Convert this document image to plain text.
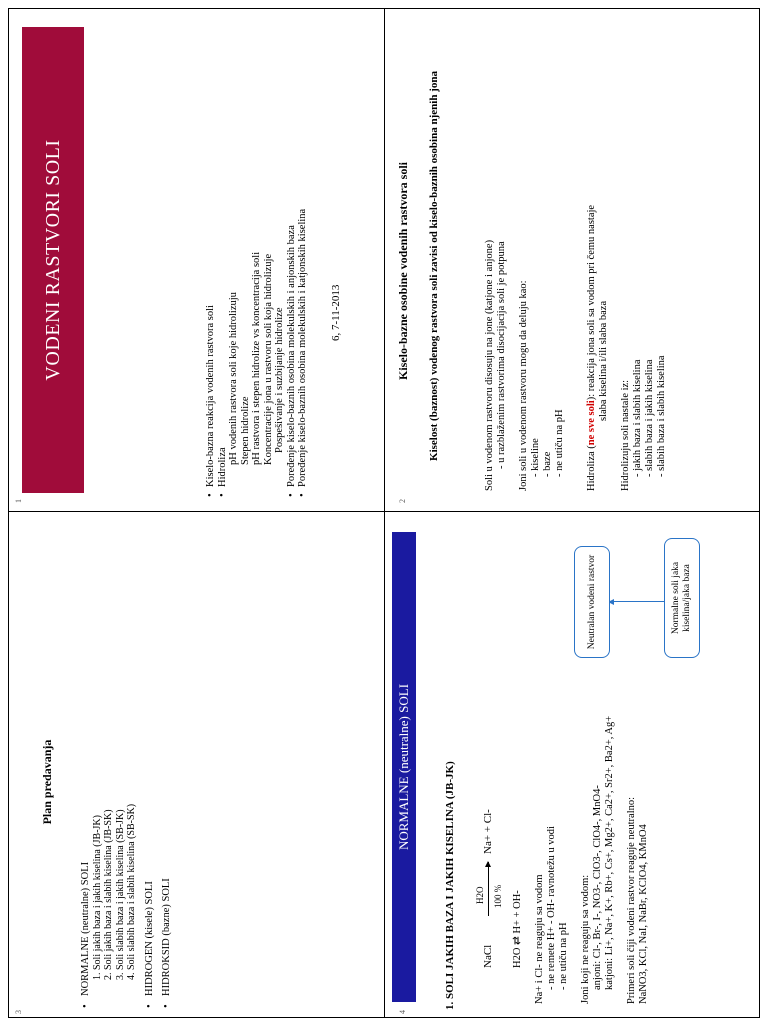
VODENI RASTVORI SOLI
• Kiselo-bazna reakcija vodenih rastvora soli • Hidroliza
pH vodenih rastvora soli koje hidrolizuju Stepen hidrolize pH rastvora i stepen hidrolize vs koncentracija soli Koncentracije jona u rastvoru soli koja hidrolizuje Pospešivanje i suzbijanje hidrolize • Poređenje kiselo-baznih osobina molekulskih i anjonskih baza • Poređenje kiselo-baznih osobina molekulskih i katjonskih kiselina 6, 7-11-2013
1
Kiselo-bazne osobine vodenih rastvora soli Kiselost (baznost) vodenog rastvora soli zavisi od kiselo-baznih osobina njenih jona	Soli u vodenom rastvoru disosuju na jone (katjone i anjone) - u razblaženim rastvorima disocijacija soli je potpuna Joni soli u vodenom rastvoru mogu da deluju kao: - kiseline - baze - ne utiču na pH Hidroliza (ne sve soli): reakcija jona soli sa vodom pri čemu nastaje slaba kiselina i/ili slaba baza

Hidrolizuju soli nastale iz: - jakih baza i slabih kiselina - slabih baza i jakih kiselina - slabih baza i slabih kiselina

2
Plan predavanja
• NORMALNE (neutralne) SOLI 1. Soli jakih baza i jakih kiselina (JB-JK) 2. Soli jakih baza i slabih kiselina (JB-SK) 3. Soli slabih baza i jakih kiselina (SB-JK) 4. Soli slabih baza i slabih kiselina (SB-SK) • HIDROGEN (kisele) SOLI • HIDROKSID (bazne) SOLI
3
NORMALNE (neutralne) SOLI	1. SOLI JAKIH BAZA I JAKIH KISELINA (JB-JK) NaCl
H2O 100 %
Na+ + Cl-

H2O ⇄ H+ + OH- Na+ i Cl- ne reaguju sa vodom - ne remete H+ - OH- ravnotežu u vodi - ne utiču na pH Joni koji ne reaguju sa vodom: anjoni: Cl-, Br-, I-, NO3-, ClO3-, ClO4-, MnO4- katjoni: Li+, Na+, K+, Rb+, Cs+, Mg2+, Ca2+, Sr2+, Ba2+, Ag+ Primeri soli čiji vodeni rastvor reaguje neutralno: NaNO3, KCl, NaI, NaBr, KClO4, KMnO4

Normalne soli jaka kiselina/jaka baza
Neutralan vodeni rastvor
4
